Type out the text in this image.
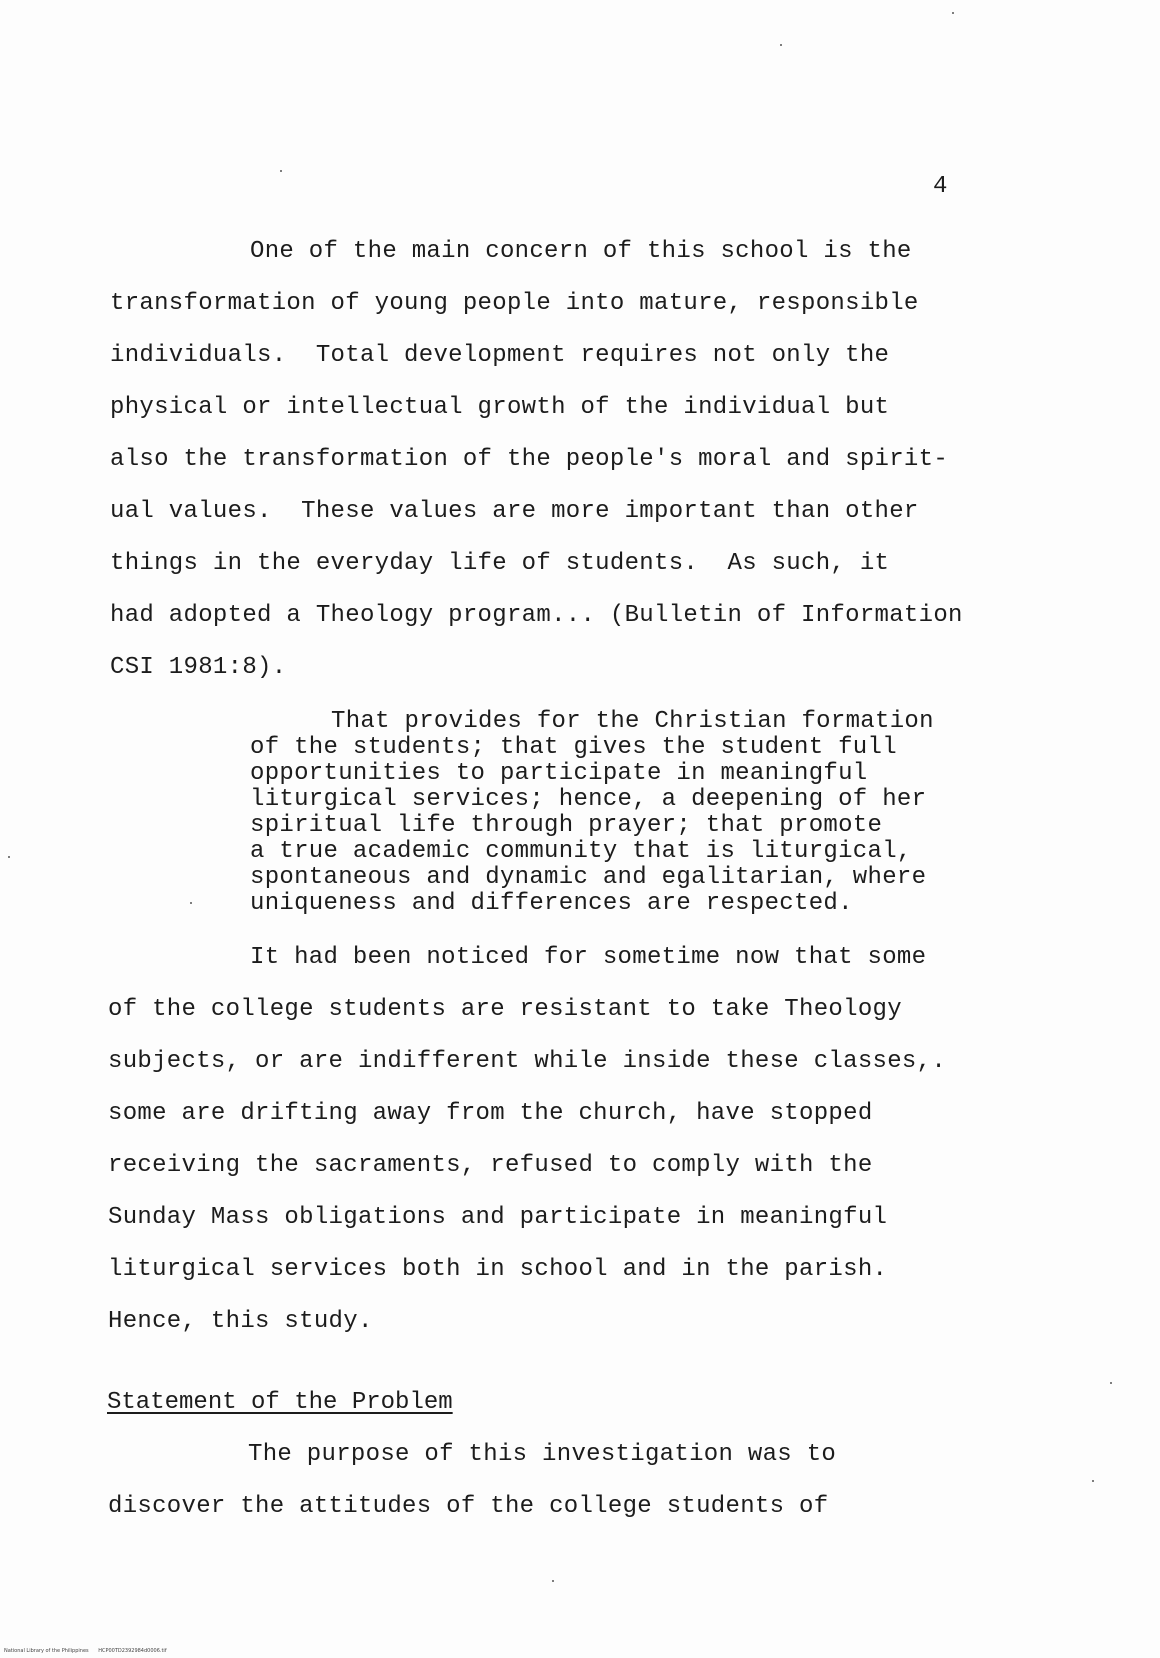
4
One of the main concern of this school is the
transformation of young people into mature, responsible
individuals.  Total development requires not only the
physical or intellectual growth of the individual but
also the transformation of the people's moral and spirit-
ual values.  These values are more important than other
things in the everyday life of students.  As such, it
had adopted a Theology program... (Bulletin of Information
CSI 1981:8).
That provides for the Christian formation
of the students; that gives the student full
opportunities to participate in meaningful
liturgical services; hence, a deepening of her
spiritual life through prayer; that promote
a true academic community that is liturgical,
spontaneous and dynamic and egalitarian, where
uniqueness and differences are respected.
It had been noticed for sometime now that some
of the college students are resistant to take Theology
subjects, or are indifferent while inside these classes,.
some are drifting away from the church, have stopped
receiving the sacraments, refused to comply with the
Sunday Mass obligations and participate in meaningful
liturgical services both in school and in the parish.
Hence, this study.
Statement of the Problem
The purpose of this investigation was to
discover the attitudes of the college students of
National Library of the Philippines HCP00TD2392984d0006.tif
